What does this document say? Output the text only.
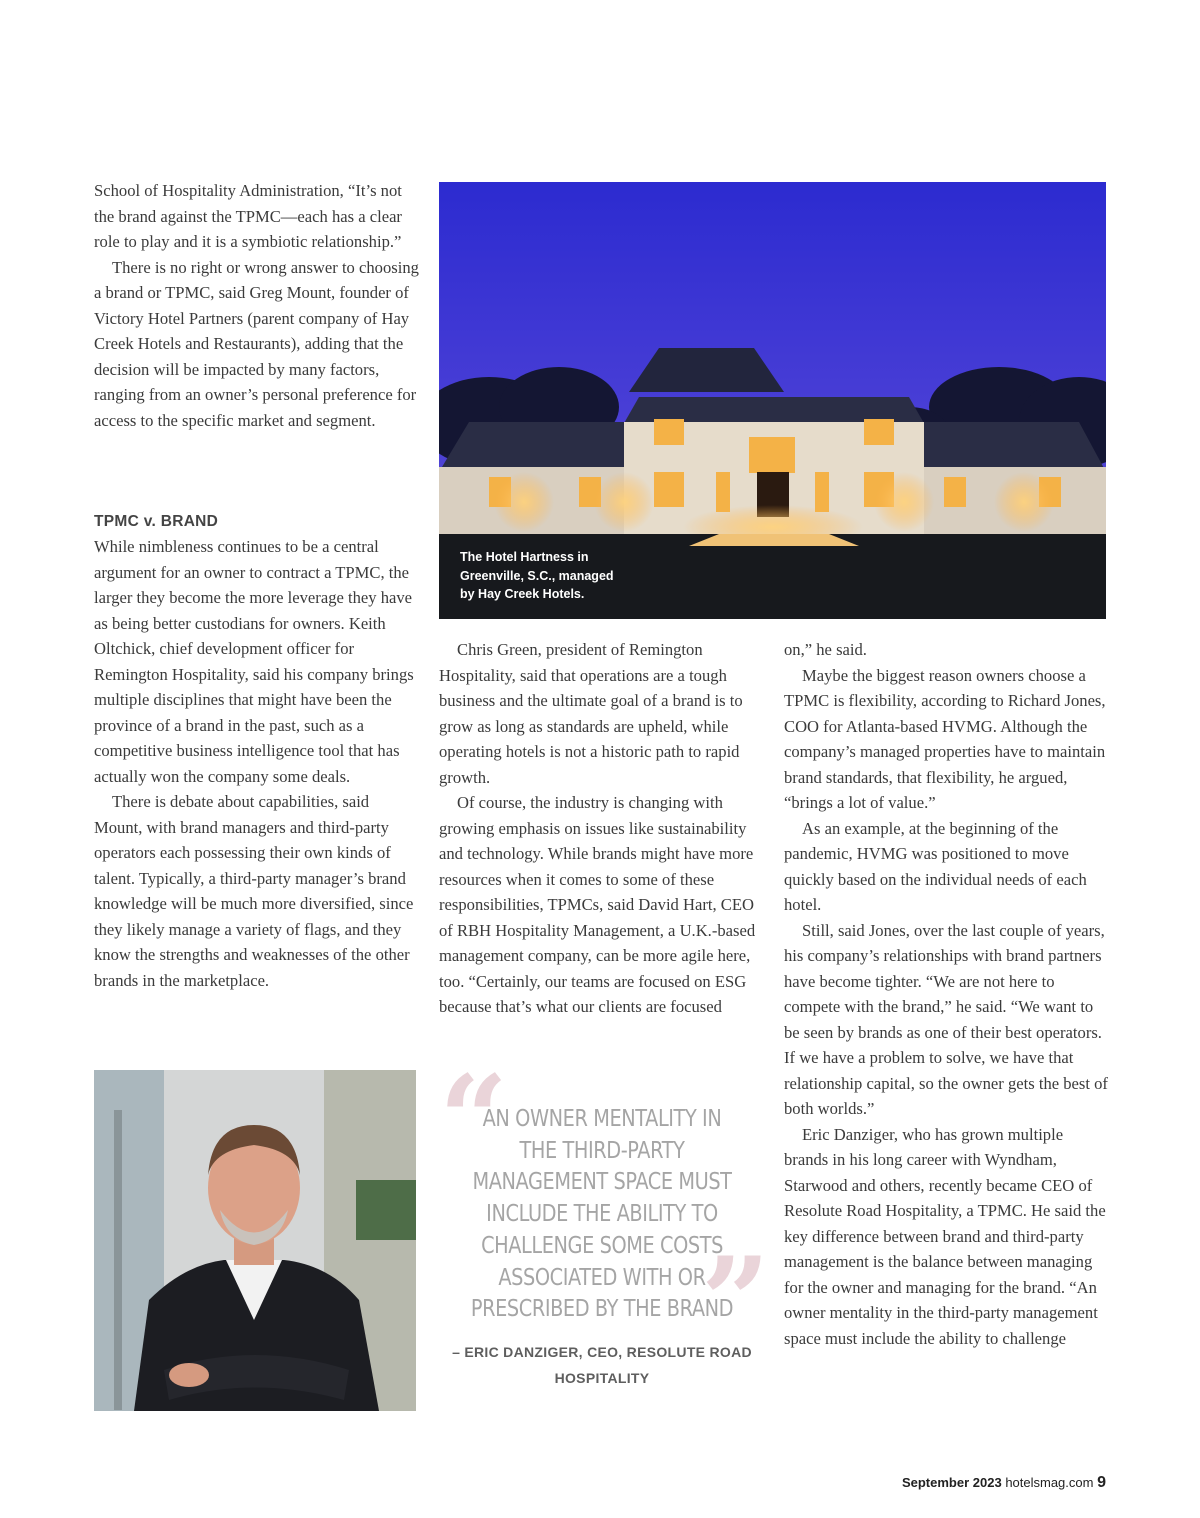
School of Hospitality Administration, “It’s not the brand against the TPMC—each has a clear role to play and it is a symbiotic relationship.”

There is no right or wrong answer to choosing a brand or TPMC, said Greg Mount, founder of Victory Hotel Partners (parent company of Hay Creek Hotels and Restaurants), adding that the decision will be impacted by many factors, ranging from an owner’s personal preference for access to the specific market and segment.

TPMC v. BRAND

While nimbleness continues to be a central argument for an owner to contract a TPMC, the larger they become the more leverage they have as being better custodians for owners. Keith Oltchick, chief development officer for Remington Hospitality, said his company brings multiple disciplines that might have been the province of a brand in the past, such as a competitive business intelligence tool that has actually won the company some deals.

There is debate about capabilities, said Mount, with brand managers and third-party operators each possessing their own kinds of talent. Typically, a third-party manager’s brand knowledge will be much more diversified, since they likely manage a variety of flags, and they know the strengths and weaknesses of the other brands in the marketplace.

The Hotel Hartness in Greenville, S.C., managed by Hay Creek Hotels.

Chris Green, president of Remington Hospitality, said that operations are a tough business and the ultimate goal of a brand is to grow as long as standards are upheld, while operating hotels is not a historic path to rapid growth.

Of course, the industry is changing with growing emphasis on issues like sustainability and technology. While brands might have more resources when it comes to some of these responsibilities, TPMCs, said David Hart, CEO of RBH Hospitality Management, a U.K.-based management company, can be more agile here, too. “Certainly, our teams are focused on ESG because that’s what our clients are focused

on,” he said.

Maybe the biggest reason owners choose a TPMC is flexibility, according to Richard Jones, COO for Atlanta-based HVMG. Although the company’s managed properties have to maintain brand standards, that flexibility, he argued, “brings a lot of value.”

As an example, at the beginning of the pandemic, HVMG was positioned to move quickly based on the individual needs of each hotel.

Still, said Jones, over the last couple of years, his company’s relationships with brand partners have become tighter. “We are not here to compete with the brand,” he said. “We want to be seen by brands as one of their best operators. If we have a problem to solve, we have that relationship capital, so the owner gets the best of both worlds.”

Eric Danziger, who has grown multiple brands in his long career with Wyndham, Starwood and others, recently became CEO of Resolute Road Hospitality, a TPMC. He said the key difference between brand and third-party management is the balance between managing for the owner and managing for the brand. “An owner mentality in the third-party management space must include the ability to challenge

“
”
AN OWNER MENTALITY IN THE THIRD-PARTY MANAGEMENT SPACE MUST INCLUDE THE ABILITY TO CHALLENGE SOME COSTS ASSOCIATED WITH OR PRESCRIBED BY THE BRAND
– ERIC DANZIGER, CEO, RESOLUTE ROAD HOSPITALITY
September 2023 hotelsmag.com 9
